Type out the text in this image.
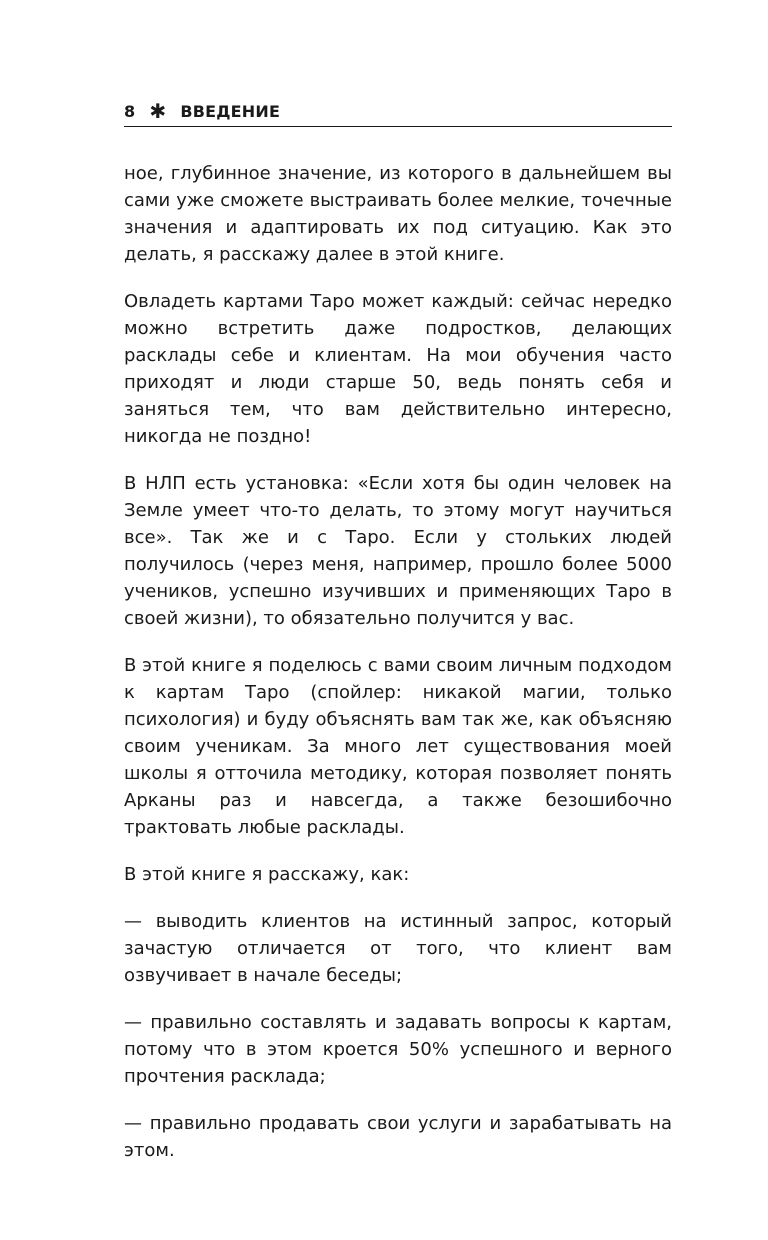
8 ✱ ВВЕДЕНИЕ

ное, глубинное значение, из которого в дальнейшем вы сами уже сможете выстраивать более мелкие, точечные значения и адаптировать их под ситуацию. Как это делать, я расскажу далее в этой книге.

Овладеть картами Таро может каждый: сейчас нередко можно встретить даже подростков, делающих расклады себе и клиентам. На мои обучения часто приходят и люди старше 50, ведь понять себя и заняться тем, что вам действительно интересно, никогда не поздно!

В НЛП есть установка: «Если хотя бы один человек на Земле умеет что-то делать, то этому могут научиться все». Так же и с Таро. Если у стольких людей получилось (через меня, например, прошло более 5000 учеников, успешно изучивших и применяющих Таро в своей жизни), то обязательно получится у вас.

В этой книге я поделюсь с вами своим личным подходом к картам Таро (спойлер: никакой магии, только психология) и буду объяснять вам так же, как объясняю своим ученикам. За много лет существования моей школы я отточила методику, которая позволяет понять Арканы раз и навсегда, а также безошибочно трактовать любые расклады.

В этой книге я расскажу, как:

— выводить клиентов на истинный запрос, который зачастую отличается от того, что клиент вам озвучивает в начале беседы;

— правильно составлять и задавать вопросы к картам, потому что в этом кроется 50% успешного и верного прочтения расклада;

— правильно продавать свои услуги и зарабатывать на этом.
